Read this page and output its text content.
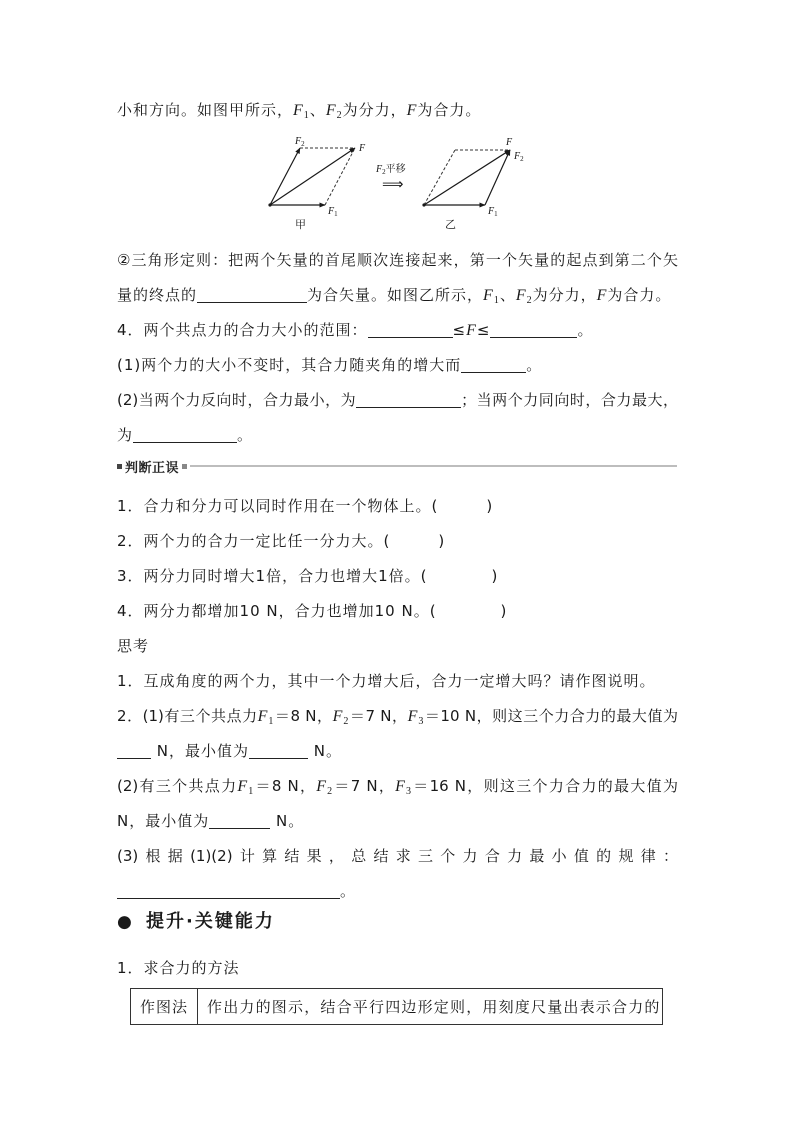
小和方向。如图甲所示，$F_1$、$F_2$为分力，F为合力。
$F_2$	F
$F_1$
甲
$F_2$平移
⟹
F
$F_2$
$F_1$
乙
②三角形定则：把两个矢量的首尾顺次连接起来，第一个矢量的起点到第二个矢
量的终点的	为合矢量。如图乙所示，$F_1$、$F_2$为分力，F为合力。
4．两个共点力的合力大小的范围：	≤F≤	。
(1)两个力的大小不变时，其合力随夹角的增大而	。
(2)当两个力反向时，合力最小，为	；当两个力同向时，合力最大，
为	。
判断正误
1．合力和分力可以同时作用在一个物体上。(　　　)
2．两个力的合力一定比任一分力大。(　　　)
3．两分力同时增大1倍，合力也增大1倍。(　　　　)
4．两分力都增加10 N，合力也增加10 N。(　　　　)
思考
1．互成角度的两个力，其中一个力增大后，合力一定增大吗？请作图说明。
2．(1)有三个共点力$F_1=8$ N，$F_2=7$ N，$F_3=10$ N，则这三个力合力的最大值为
N，最小值为	N。
(2)有三个共点力$F_1=8$ N，$F_2=7$ N，$F_3=16$ N，则这三个力合力的最大值为
N，最小值为	N。
(3)根据(1)(2)计算结果，总结求三个力合力最小值的规律：
。
● 提升·关键能力
1．求合力的方法
作图法	作出力的图示，结合平行四边形定则，用刻度尺量出表示合力的
